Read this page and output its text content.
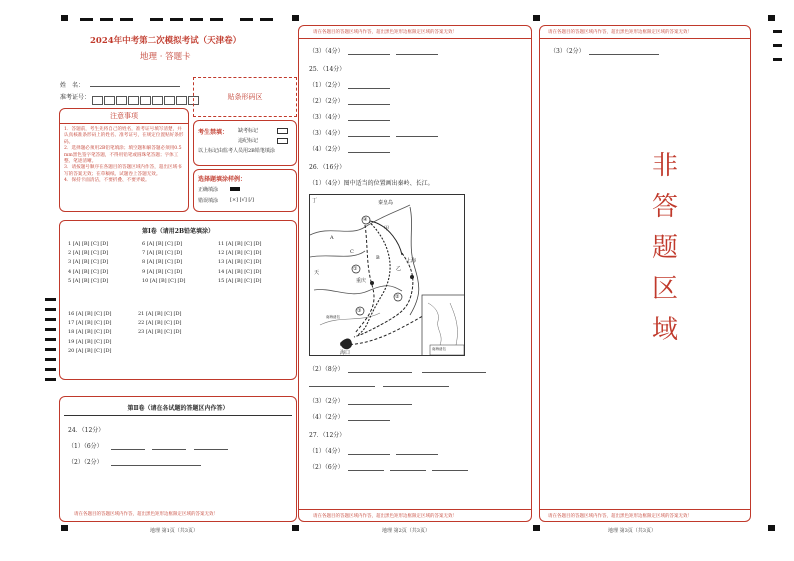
2024年中考第二次模拟考试（天津卷）
地理 · 答题卡
姓　名：
准考证号：	贴条形码区
注意事项

1．答题前，考生先将自己的姓名，准考证号填写清楚，并认真核准条形码上的姓名、准考证号，在规定位置贴好条形码。

2．选择题必须用2B铅笔填涂；填空题和解答题必须用0.5 mm黑色签字笔答题，不得用铅笔或圆珠笔答题；字体工整、笔迹清晰。

3．请按题号顺序在各题目的答题区域内作答，超出区域书写的答案无效；在草稿纸、试题卷上答题无效。

4．保持卡面清洁，不要折叠、不要弄破。

考生禁填： 缺考标记
违纪标记
以上标记由监考人员用2B铅笔填涂
选择题填涂样例：
正确填涂
错误填涂 [×] [√] [/]
第Ⅰ卷（请用2B铅笔填涂）
1 [A] [B] [C] [D]
2 [A] [B] [C] [D]
3 [A] [B] [C] [D]
4 [A] [B] [C] [D]
5 [A] [B] [C] [D]
6 [A] [B] [C] [D]
7 [A] [B] [C] [D]
8 [A] [B] [C] [D]
9 [A] [B] [C] [D]
10 [A] [B] [C] [D]
11 [A] [B] [C] [D]
12 [A] [B] [C] [D]
13 [A] [B] [C] [D]
14 [A] [B] [C] [D]
15 [A] [B] [C] [D]
16 [A] [B] [C] [D]
17 [A] [B] [C] [D]
18 [A] [B] [C] [D]
19 [A] [B] [C] [D]
20 [A] [B] [C] [D]
21 [A] [B] [C] [D]
22 [A] [B] [C] [D]
23 [A] [B] [C] [D]
第Ⅱ卷（请在各试题的答题区内作答）
24．（12分）
（1）（6分）
（2）（2分）
请在各题目的答题区域内作答，超出黑色矩形边框限定区域的答案无效！
地理 第1页（共3页）
请在各题目的答题区域内作答，超出黑色矩形边框限定区域的答案无效！
（3）（4分）
25．（14分）
（1）（2分）
（2）（2分）
（3）（4分）
（3）（4分）
（4）（2分）
26．（16分）
（1）（4分）图中适当的位置画出秦岭、长江。
丁
A
天
甲
B
C
乙
秦皇岛
上海
重庆
海口
④
①
③
②
南海诸岛
南海诸岛
（2）（8分）
（3）（2分）
（4）（2分）
27．（12分）
（1）（4分）
（2）（6分）
请在各题目的答题区域内作答，超出黑色矩形边框限定区域的答案无效！
地理 第2页（共3页）
请在各题目的答题区域内作答，超出黑色矩形边框限定区域的答案无效！
（3）（2分）
请在各题目的答题区域内作答，超出黑色矩形边框限定区域的答案无效！
非
答
题
区
域
地理 第3页（共3页）
